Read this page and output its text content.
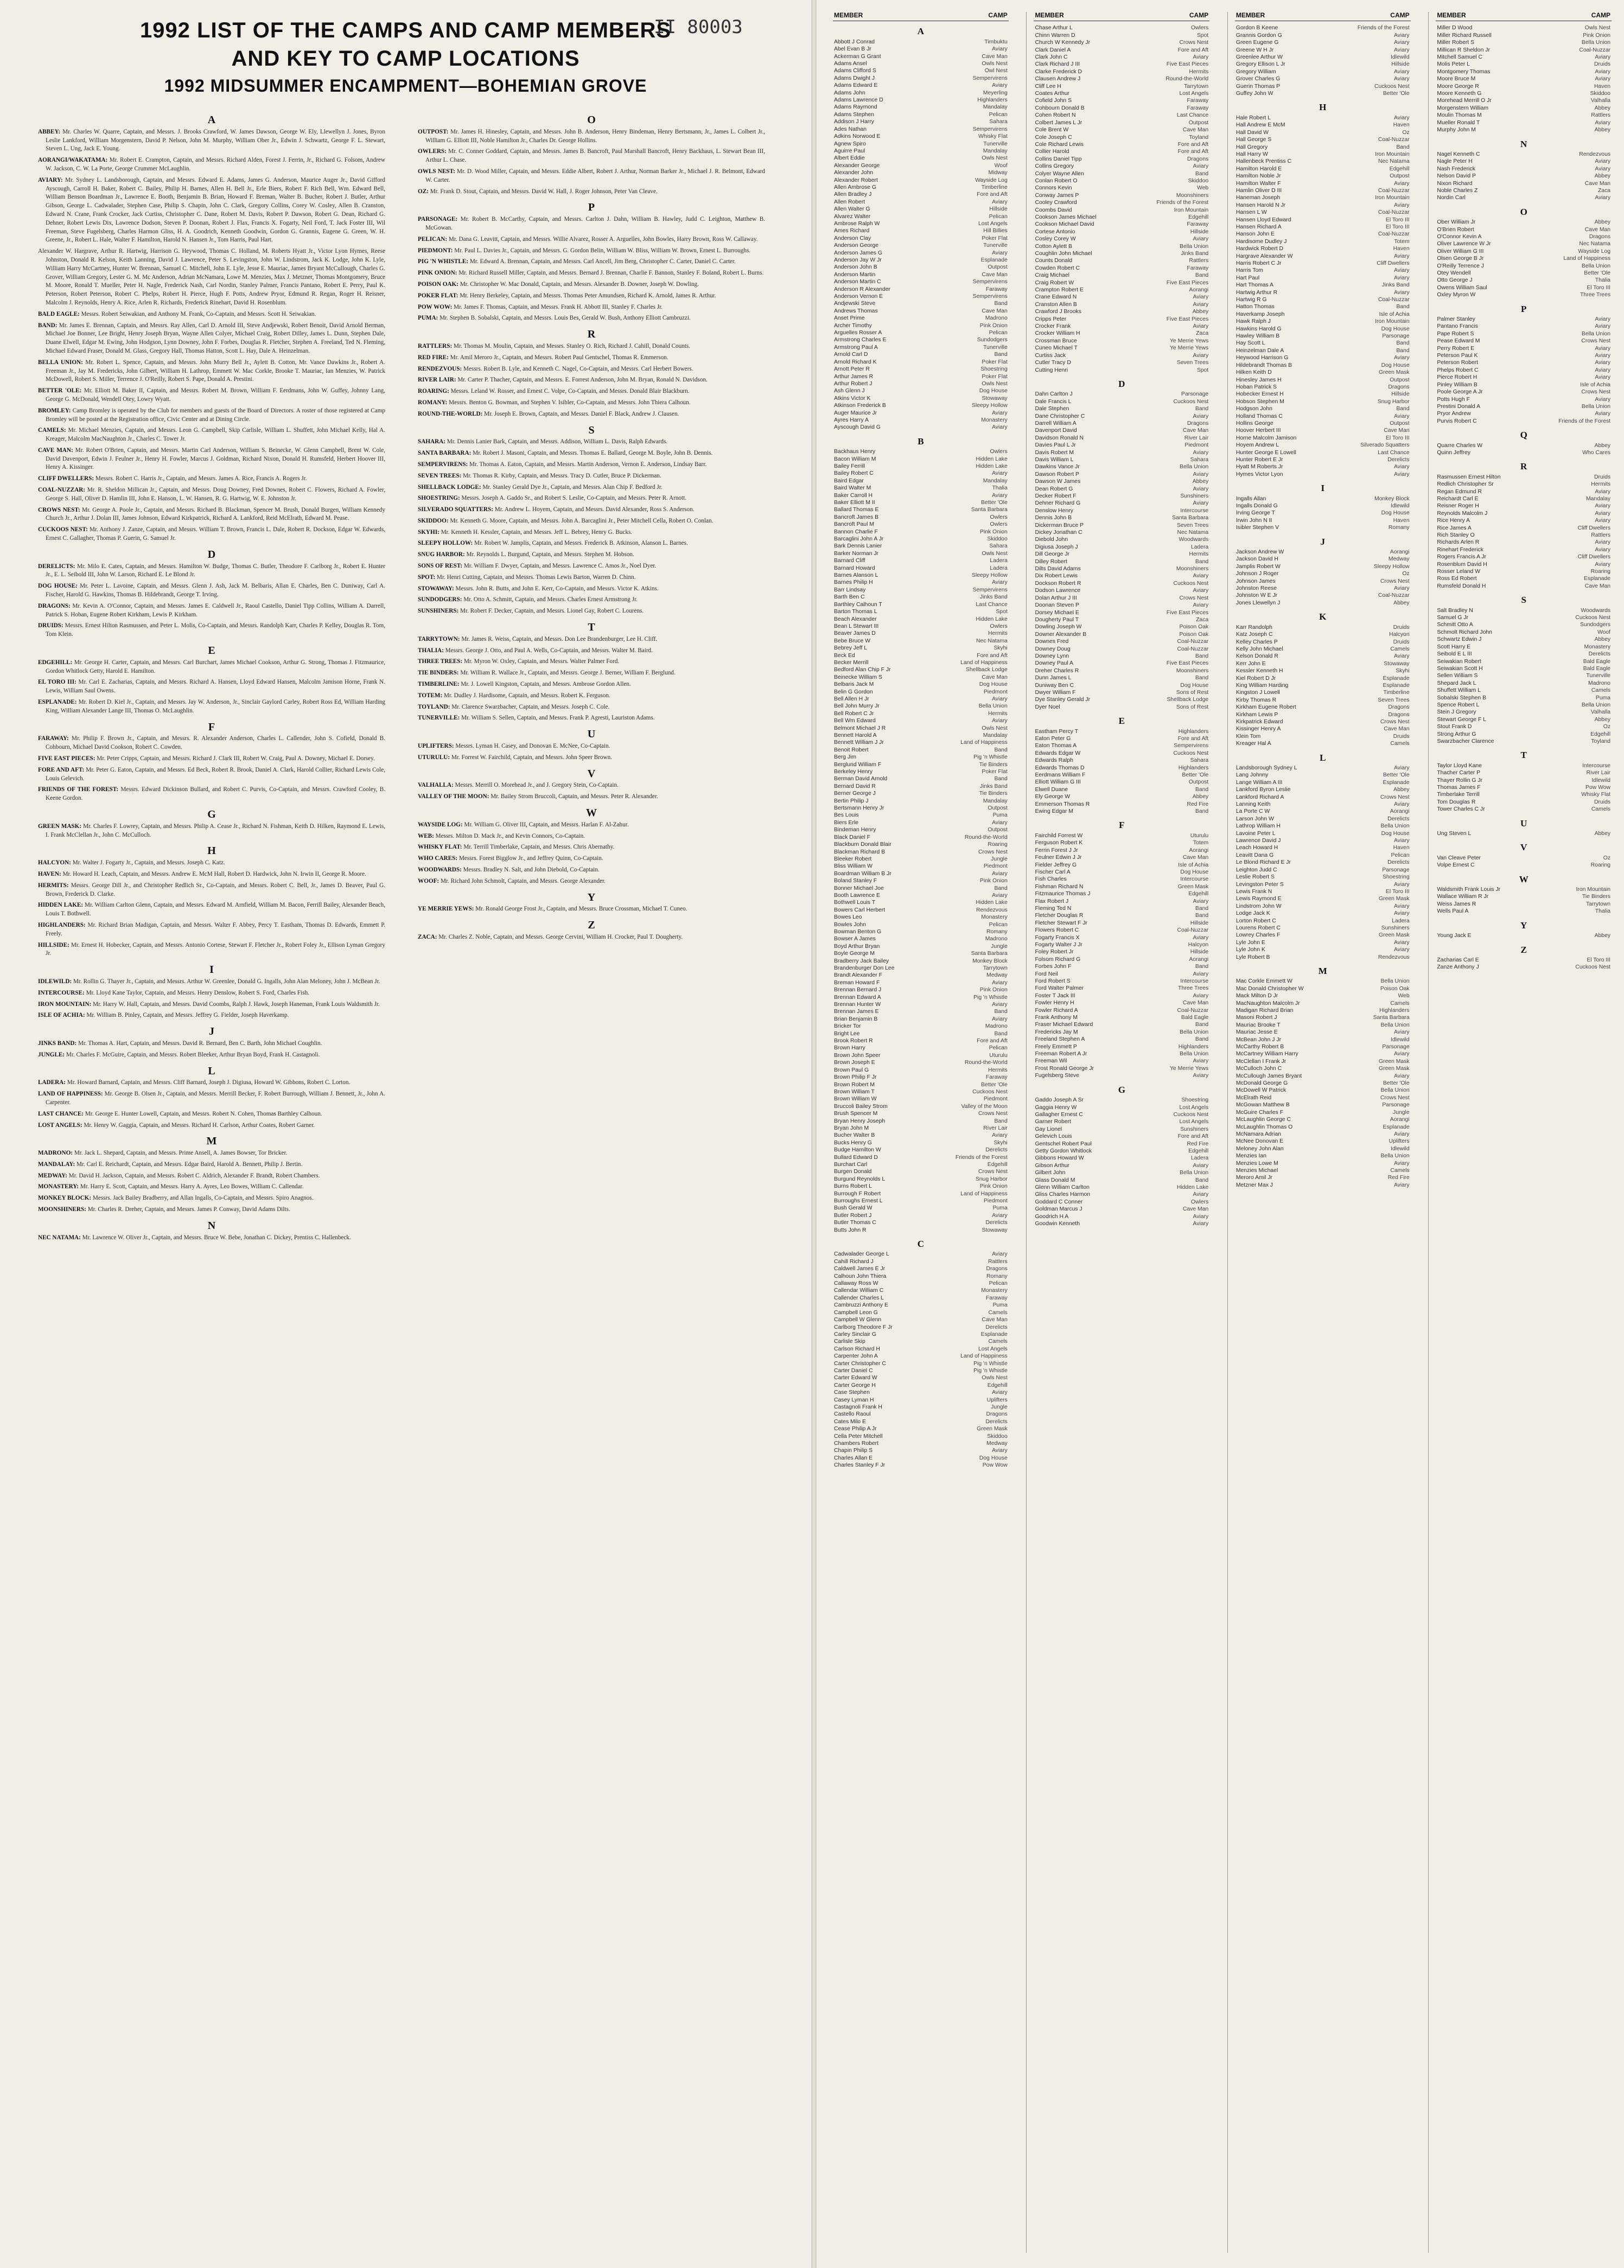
II 80003
1992 LIST OF THE CAMPS AND CAMP MEMBERS
AND KEY TO CAMP LOCATIONS
1992 MIDSUMMER ENCAMPMENT—BOHEMIAN GROVE
A
ABBEY: Mr. Charles W. Quarre, Captain, and Messrs. J. Brooks Crawford, W. James Dawson, George W. Ely, Llewellyn J. Jones, Byron Leslie Lankford, William Morgenstern, David P. Nelson, John M. Murphy, William Ober Jr., Edwin J. Schwartz, George F. L. Stewart, Steven L. Ung, Jack E. Young.
AORANGI/WAKATAMA: Mr. Robert E. Crampton, Captain, and Messrs. Richard Alden, Forest J. Ferrin, Jr., Richard G. Folsom, Andrew W. Jackson, C. W. La Porte, George Crummer McLaughlin.
AVIARY: Mr. Sydney L. Landsborough, Captain, and Messrs. Edward E. Adams, James G. Anderson, Maurice Auger Jr., David Gifford Ayscough, Carroll H. Baker, Robert C. Bailey, Philip H. Barnes, Allen H. Bell Jr., Erle Biers, Robert F. Rich Bell, Wm. Edward Bell, William Benson Boardman Jr., Lawrence E. Booth, Benjamin B. Brian, Howard F. Breman, Walter B. Bucher, Robert J. Butler, Arthur Gibson, George L. Cadwalader, Stephen Case, Philip S. Chapin, John C. Clark, Gregory Collins, Corey W. Cosley, Allen B. Cranston, Edward N. Crane, Frank Crocker, Jack Curtiss, Christopher C. Dane, Robert M. Davis, Robert P. Dawson, Robert G. Dean, Richard G. Dehner, Robert Lewis Dix, Lawrence Dodson, Steven P. Doonan, Robert J. Flax, Francis X. Fogarty, Neil Ford, T. Jack Foster III, Wil Freeman, Steve Fugelsberg, Charles Harmon Gliss, H. A. Goodrich, Kenneth Goodwin, Gordon G. Grannis, Eugene G. Green, W. H. Greene, Jr., Robert L. Hale, Walter F. Hamilton, Harold N. Hansen Jr., Tom Harris, Paul Hart.
Alexander W. Hargrave, Arthur R. Hartwig, Harrison G. Heywood, Thomas C. Holland, M. Roberts Hyatt Jr., Victor Lyon Hymes, Reese Johnston, Donald R. Kelson, Keith Lanning, David J. Lawrence, Peter S. Levingston, John W. Lindstrom, Jack K. Lodge, John K. Lyle, William Harry McCartney, Hunter W. Brennan, Samuel C. Mitchell, John E. Lyle, Jesse E. Mauriac, James Bryant McCullough, Charles G. Grover, William Gregory, Lester G. M. Mc Anderson, Adrian McNamara, Lowe M. Menzies, Max J. Metzner, Thomas Montgomery, Bruce M. Moore, Ronald T. Mueller, Peter H. Nagle, Frederick Nash, Carl Nordin, Stanley Palmer, Francis Pantano, Robert E. Perry, Paul K. Peterson, Robert Peterson, Robert C. Phelps, Robert H. Pierce, Hugh F. Potts, Andrew Pryor, Edmund R. Regan, Roger H. Reisner, Malcolm J. Reynolds, Henry A. Rice, Arlen R. Richards, Frederick Rinehart, David H. Rosenblum.
BALD EAGLE: Messrs. Robert Seiwakian, and Anthony M. Frank, Co-Captain, and Messrs. Scott H. Seiwakian.
BAND: Mr. James E. Brennan, Captain, and Messrs. Ray Allen, Carl D. Arnold III, Steve Andjewski, Robert Benoit, David Arnold Berman, Michael Joe Bonner, Lee Bright, Henry Joseph Bryan, Wayne Allen Colyer, Michael Craig, Robert Dilley, James L. Dunn, Stephen Dale, Duane Elwell, Edgar M. Ewing, John Hodgson, Lynn Downey, John F. Forbes, Douglas R. Fletcher, Stephen A. Freeland, Ted N. Fleming, Michael Edward Fraser, Donald M. Glass, Gregory Hall, Thomas Hatton, Scott L. Hay, Dale A. Heinzelman.
BELLA UNION: Mr. Robert L. Spence, Captain, and Messrs. John Murry Bell Jr., Aylett B. Cotton, Mr. Vance Dawkins Jr., Robert A. Freeman Jr., Jay M. Fredericks, John Gilbert, William H. Lathrop, Emmett W. Mac Corkle, Brooke T. Mauriac, Ian Menzies, W. Patrick McDowell, Robert S. Miller, Terrence J. O'Reilly, Robert S. Pape, Donald A. Prestini.
BETTER 'OLE: Mr. Elliott M. Baker II, Captain, and Messrs. Robert M. Brown, William F. Eerdmans, John W. Guffey, Johnny Lang, George G. McDonald, Wendell Otey, Lowry Wyatt.
BROMLEY: Camp Bromley is operated by the Club for members and guests of the Board of Directors. A roster of those registered at Camp Bromley will be posted at the Registration office, Civic Center and at Dining Circle.
CAMELS: Mr. Michael Menzies, Captain, and Messrs. Leon G. Campbell, Skip Carlisle, William L. Shuffett, John Michael Kelly, Hal A. Kreager, Malcolm MacNaughton Jr., Charles C. Tower Jr.
CAVE MAN: Mr. Robert O'Brien, Captain, and Messrs. Martin Carl Anderson, William S. Beinecke, W. Glenn Campbell, Brent W. Cole, David Davenport, Edwin J. Feulner Jr., Henry H. Fowler, Marcus J. Goldman, Richard Nixon, Donald H. Rumsfeld, Herbert Hoover III, Henry A. Kissinger.
CLIFF DWELLERS: Messrs. Robert C. Harris Jr., Captain, and Messrs. James A. Rice, Francis A. Rogers Jr.
COAL-NUZZAR: Mr. R. Sheldon Millican Jr., Captain, and Messrs. Doug Downey, Fred Downes, Robert C. Flowers, Richard A. Fowler, George S. Hall, Oliver D. Hamlin III, John E. Hanson, L. W. Hansen, R. G. Hartwig, W. E. Johnston Jr.
CROWS NEST: Mr. George A. Poole Jr., Captain, and Messrs. Richard B. Blackman, Spencer M. Brush, Donald Burgen, William Kennedy Church Jr., Arthur J. Dolan III, James Johnson, Edward Kirkpatrick, Richard A. Lankford, Reid McElrath, Edward M. Pease.
CUCKOOS NEST: Mr. Anthony J. Zanze, Captain, and Messrs. William T. Brown, Francis L. Dale, Robert R. Dockson, Edgar W. Edwards, Ernest C. Gallagher, Thomas P. Guerin, G. Samuel Jr.
D
DERELICTS: Mr. Milo E. Cates, Captain, and Messrs. Hamilton W. Budge, Thomas C. Butler, Theodore F. Carlborg Jr., Robert E. Hunter Jr., E. L. Seibold III, John W. Larson, Richard E. Le Blond Jr.
DOG HOUSE: Mr. Peter L. Lavoine, Captain, and Messrs. Glenn J. Ash, Jack M. Belbaris, Allan E. Charles, Ben C. Duniway, Carl A. Fischer, Harold G. Hawkins, Thomas B. Hildebrandt, George T. Irving.
DRAGONS: Mr. Kevin A. O'Connor, Captain, and Messrs. James E. Caldwell Jr., Raoul Castello, Daniel Tipp Collins, William A. Darrell, Patrick S. Hoban, Eugene Robert Kirkham, Lewis P. Kirkham.
DRUIDS: Messrs. Ernest Hilton Rasmussen, and Peter L. Molis, Co-Captain, and Messrs. Randolph Karr, Charles P. Kelley, Douglas R. Tom, Tom Klein.
E
EDGEHILL: Mr. George H. Carter, Captain, and Messrs. Carl Burchart, James Michael Cookson, Arthur G. Strong, Thomas J. Fitzmaurice, Gordon Whitlock Getty, Harold E. Hamilton.
EL TORO III: Mr. Carl E. Zacharias, Captain, and Messrs. Richard A. Hansen, Lloyd Edward Hansen, Malcolm Jamison Horne, Frank N. Lewis, William Saul Owens.
ESPLANADE: Mr. Robert D. Kiel Jr., Captain, and Messrs. Jay W. Anderson, Jr., Sinclair Gaylord Carley, Robert Ross Ed, William Harding King, William Alexander Lange III, Thomas O. McLaughlin.
F
FARAWAY: Mr. Philip F. Brown Jr., Captain, and Messrs. R. Alexander Anderson, Charles L. Callender, John S. Cofield, Donald B. Cohbourn, Michael David Cookson, Robert C. Cowden.
FIVE EAST PIECES: Mr. Peter Cripps, Captain, and Messrs. Richard J. Clark III, Robert W. Craig, Paul A. Downey, Michael E. Dorsey.
FORE AND AFT: Mr. Peter G. Eaton, Captain, and Messrs. Ed Beck, Robert R. Brook, Daniel A. Clark, Harold Collier, Richard Lewis Cole, Louis Gelevich.
FRIENDS OF THE FOREST: Messrs. Edward Dickinson Bullard, and Robert C. Purvis, Co-Captain, and Messrs. Crawford Cooley, B. Keene Gordon.
G
GREEN MASK: Mr. Charles F. Lowrey, Captain, and Messrs. Philip A. Cease Jr., Richard N. Fishman, Keith D. Hilken, Raymond E. Lewis, I. Frank McClellan Jr., John C. McCulloch.
H
HALCYON: Mr. Walter J. Fogarty Jr., Captain, and Messrs. Joseph C. Katz.
HAVEN: Mr. Howard H. Leach, Captain, and Messrs. Andrew E. McM Hall, Robert D. Hardwick, John N. Irwin II, George R. Moore.
HERMITS: Messrs. George Dill Jr., and Christopher Redlich Sr., Co-Captain, and Messrs. Robert C. Bell, Jr., James D. Beaver, Paul G. Brown, Frederick D. Clarke.
HIDDEN LAKE: Mr. William Carlton Glenn, Captain, and Messrs. Edward M. Arnfield, William M. Bacon, Ferrill Bailey, Alexander Beach, Louis T. Bothwell.
HIGHLANDERS: Mr. Richard Brian Madigan, Captain, and Messrs. Walter F. Abbey, Percy T. Eastham, Thomas D. Edwards, Emmett P. Freely.
HILLSIDE: Mr. Ernest H. Hobecker, Captain, and Messrs. Antonio Cortese, Stewart F. Fletcher Jr., Robert Foley Jr., Ellison Lyman Gregory Jr.
I
IDLEWILD: Mr. Rollin G. Thayer Jr., Captain, and Messrs. Arthur W. Greenlee, Donald G. Ingalls, John Alan Meloney, John J. McBean Jr.
INTERCOURSE: Mr. Lloyd Kane Taylor, Captain, and Messrs. Henry Denslow, Robert S. Ford, Charles Fish.
IRON MOUNTAIN: Mr. Harry W. Hall, Captain, and Messrs. David Coombs, Ralph J. Hawk, Joseph Haneman, Frank Louis Waldsmith Jr.
ISLE OF ACHIA: Mr. William B. Pinley, Captain, and Messrs. Jeffrey G. Fielder, Joseph Haverkamp.
J
JINKS BAND: Mr. Thomas A. Hart, Captain, and Messrs. David R. Bernard, Ben C. Barth, John Michael Coughlin.
JUNGLE: Mr. Charles F. McGuire, Captain, and Messrs. Robert Bleeker, Arthur Bryan Boyd, Frank H. Castagnoli.
L
LADERA: Mr. Howard Barnard, Captain, and Messrs. Cliff Barnard, Joseph J. Digiusa, Howard W. Gibbons, Robert C. Lorton.
LAND OF HAPPINESS: Mr. George B. Olsen Jr., Captain, and Messrs. Merrill Becker, F. Robert Burrough, William J. Bennett, Jr., John A. Carpenter.
LAST CHANCE: Mr. George E. Hunter Lowell, Captain, and Messrs. Robert N. Cohen, Thomas Barthley Calhoun.
LOST ANGELS: Mr. Henry W. Gaggia, Captain, and Messrs. Richard H. Carlson, Arthur Coates, Robert Garner.
M
MADRONO: Mr. Jack L. Shepard, Captain, and Messrs. Prime Ansell, A. James Bowser, Tor Bricker.
MANDALAY: Mr. Carl E. Reichardt, Captain, and Messrs. Edgar Baird, Harold A. Bennett, Philip J. Bertin.
MEDWAY: Mr. David H. Jackson, Captain, and Messrs. Robert C. Aldrich, Alexander F. Brandt, Robert Chambers.
MONASTERY: Mr. Harry E. Scott, Captain, and Messrs. Harry A. Ayres, Leo Bowes, William C. Callendar.
MONKEY BLOCK: Messrs. Jack Bailey Bradberry, and Allan Ingalls, Co-Captain, and Messrs. Spiro Anagnos.
MOONSHINERS: Mr. Charles R. Dreher, Captain, and Messrs. James P. Conway, David Adams Dilts.
N
NEC NATAMA: Mr. Lawrence W. Oliver Jr., Captain, and Messrs. Bruce W. Bebe, Jonathan C. Dickey, Prentiss C. Hallenbeck.
O
OUTPOST: Mr. James H. Hinesley, Captain, and Messrs. John B. Anderson, Henry Bindeman, Henry Bertsmann, Jr., James L. Colbert Jr., William G. Elliott III, Noble Hamilton Jr., Charles Dr. George Hollins.
OWLERS: Mr. C. Conner Goddard, Captain, and Messrs. James B. Bancroft, Paul Marshall Bancroft, Henry Backhaus, L. Stewart Bean III, Arthur L. Chase.
OWLS NEST: Mr. D. Wood Miller, Captain, and Messrs. Eddie Albert, Robert J. Arthur, Norman Barker Jr., Michael J. R. Belmont, Edward W. Carter.
OZ: Mr. Frank D. Stout, Captain, and Messrs. David W. Hall, J. Roger Johnson, Peter Van Cleave.
P
PARSONAGE: Mr. Robert B. McCarthy, Captain, and Messrs. Carlton J. Dahn, William B. Hawley, Judd C. Leighton, Matthew B. McGowan.
PELICAN: Mr. Dana G. Leavitt, Captain, and Messrs. Willie Alvarez, Rosser A. Arguelles, John Bowles, Harry Brown, Ross W. Callaway.
PIEDMONT: Mr. Paul L. Davies Jr., Captain, and Messrs. G. Gordon Belin, William W. Bliss, William W. Brown, Ernest L. Burroughs.
PIG 'N WHISTLE: Mr. Edward A. Brennan, Captain, and Messrs. Carl Ancell, Jim Berg, Christopher C. Carter, Daniel C. Carter.
PINK ONION: Mr. Richard Russell Miller, Captain, and Messrs. Bernard J. Brennan, Charlie F. Bannon, Stanley F. Boland, Robert L. Burns.
POISON OAK: Mr. Christopher W. Mac Donald, Captain, and Messrs. Alexander B. Downer, Joseph W. Dowling.
POKER FLAT: Mr. Henry Berkeley, Captain, and Messrs. Thomas Peter Amundsen, Richard K. Arnold, James R. Arthur.
POW WOW: Mr. James F. Thomas, Captain, and Messrs. Frank H. Abbott III, Stanley F. Charles Jr.
PUMA: Mr. Stephen B. Sobalski, Captain, and Messrs. Louis Bes, Gerald W. Bush, Anthony Elliott Cambruzzi.
R
RATTLERS: Mr. Thomas M. Moulin, Captain, and Messrs. Stanley O. Rich, Richard J. Cahill, Donald Counts.
RED FIRE: Mr. Amil Meroro Jr., Captain, and Messrs. Robert Paul Gentschel, Thomas R. Emmerson.
RENDEZVOUS: Messrs. Robert B. Lyle, and Kenneth C. Nagel, Co-Captain, and Messrs. Carl Herbert Bowers.
RIVER LAIR: Mr. Carter P. Thacher, Captain, and Messrs. E. Forrest Anderson, John M. Bryan, Ronald N. Davidson.
ROARING: Messrs. Leland W. Rosser, and Ernest C. Volpe, Co-Captain, and Messrs. Donald Blair Blackburn.
ROMANY: Messrs. Benton G. Bowman, and Stephen V. Isibler, Co-Captain, and Messrs. John Thiera Calhoun.
ROUND-THE-WORLD: Mr. Joseph E. Brown, Captain, and Messrs. Daniel F. Black, Andrew J. Clausen.
S
SAHARA: Mr. Dennis Lanier Bark, Captain, and Messrs. Addison, William L. Davis, Ralph Edwards.
SANTA BARBARA: Mr. Robert J. Masoni, Captain, and Messrs. Thomas E. Ballard, George M. Boyle, John B. Dennis.
SEMPERVIRENS: Mr. Thomas A. Eaton, Captain, and Messrs. Martin Anderson, Vernon E. Anderson, Lindsay Barr.
SEVEN TREES: Mr. Thomas R. Kirby, Captain, and Messrs. Tracy D. Cutler, Bruce P. Dickerman.
SHELLBACK LODGE: Mr. Stanley Gerald Dye Jr., Captain, and Messrs. Alan Chip F. Bedford Jr.
SHOESTRING: Messrs. Joseph A. Gaddo Sr., and Robert S. Leslie, Co-Captain, and Messrs. Peter R. Arnott.
SILVERADO SQUATTERS: Mr. Andrew L. Hoyem, Captain, and Messrs. David Alexander, Ross S. Anderson.
SKIDDOO: Mr. Kenneth G. Moore, Captain, and Messrs. John A. Barcaglini Jr., Peter Mitchell Cella, Robert O. Conlan.
SKYHI: Mr. Kenneth H. Kessler, Captain, and Messrs. Jeff L. Bebrey, Henry G. Bucks.
SLEEPY HOLLOW: Mr. Robert W. Jamplis, Captain, and Messrs. Frederick B. Atkinson, Alanson L. Barnes.
SNUG HARBOR: Mr. Reynolds L. Burgund, Captain, and Messrs. Stephen M. Hobson.
SONS OF REST: Mr. William F. Dwyer, Captain, and Messrs. Lawrence C. Amos Jr., Noel Dyer.
SPOT: Mr. Henri Cutting, Captain, and Messrs. Thomas Lewis Barton, Warren D. Chinn.
STOWAWAY: Messrs. John R. Butts, and John E. Kerr, Co-Captain, and Messrs. Victor K. Atkins.
SUNDODGERS: Mr. Otto A. Schmitt, Captain, and Messrs. Charles Ernest Armstrong Jr.
SUNSHINERS: Mr. Robert F. Decker, Captain, and Messrs. Lionel Gay, Robert C. Lourens.
T
TARRYTOWN: Mr. James R. Weiss, Captain, and Messrs. Don Lee Brandenburger, Lee H. Cliff.
THALIA: Messrs. George J. Otto, and Paul A. Wells, Co-Captain, and Messrs. Walter M. Baird.
THREE TREES: Mr. Myron W. Oxley, Captain, and Messrs. Walter Palmer Ford.
TIE BINDERS: Mr. William R. Wallace Jr., Captain, and Messrs. George J. Berner, William F. Berglund.
TIMBERLINE: Mr. J. Lowell Kingston, Captain, and Messrs. Ambrose Gordon Allen.
TOTEM: Mr. Dudley J. Hardisome, Captain, and Messrs. Robert K. Ferguson.
TOYLAND: Mr. Clarence Swarzbacher, Captain, and Messrs. Joseph C. Cole.
TUNERVILLE: Mr. William S. Sellen, Captain, and Messrs. Frank P. Agresti, Lauriston Adams.
U
UPLIFTERS: Messrs. Lyman H. Casey, and Donovan E. McNee, Co-Captain.
UTURULU: Mr. Forrest W. Fairchild, Captain, and Messrs. John Speer Brown.
V
VALHALLA: Messrs. Merrill O. Morehead Jr., and J. Gregory Stein, Co-Captain.
VALLEY OF THE MOON: Mr. Bailey Strom Bruccoli, Captain, and Messrs. Peter R. Alexander.
W
WAYSIDE LOG: Mr. William G. Oliver III, Captain, and Messrs. Harlan F. Al-Zahur.
WEB: Messrs. Milton D. Mack Jr., and Kevin Connors, Co-Captain.
WHISKY FLAT: Mr. Terrill Timberlake, Captain, and Messrs. Chris Abernathy.
WHO CARES: Messrs. Forest Bigglow Jr., and Jeffrey Quinn, Co-Captain.
WOODWARDS: Messrs. Bradley N. Salt, and John Diebold, Co-Captain.
WOOF: Mr. Richard John Schmolt, Captain, and Messrs. George Alexander.
Y
YE MERRIE YEWS: Mr. Ronald George Frost Jr., Captain, and Messrs. Bruce Crossman, Michael T. Cuneo.
Z
ZACA: Mr. Charles Z. Noble, Captain, and Messrs. George Cervini, William H. Crocker, Paul T. Dougherty.
MEMBER	CAMP
A
Abbott J Conrad	Timbuktu
Abel Evan B Jr	Aviary
Ackerman G Grant	Cave Man
Adams Ansel	Owls Nest
Adams Clifford S	Owl Nest
Adams Dwight J	Sempervirens
Adams Edward E	Aviary
Adams John	Meyerling
Adams Lawrence D	Highlanders
Adams Raymond	Mandalay
Adams Stephen	Pelican
Addison J Harry	Sahara
Ades Nathan	Sempervirens
Adkins Norwood E	Whisky Flat
Agnew Spiro	Tunerville
Aguirre Paul	Mandalay
Albert Eddie	Owls Nest
Alexander George	Woof
Alexander John	Midway
Alexander Robert	Wayside Log
Allen Ambrose G	Timberline
Allen Bradley J	Fore and Aft
Allen Robert	Aviary
Allen Walter G	Hillside
Alvarez Walter	Pelican
Ambrose Ralph W	Lost Angels
Ames Richard	Hill Billies
Anderson Clay	Poker Flat
Anderson George	Tunerville
Anderson James G	Aviary
Anderson Jay W Jr	Esplanade
Anderson John B	Outpost
Anderson Martin	Cave Man
Anderson Martin C	Sempervirens
Anderson R Alexander	Faraway
Anderson Vernon E	Sempervirens
Andjewski Steve	Band
Andrews Thomas	Cave Man
Anset Prime	Madrono
Archer Timothy	Pink Onion
Arguelles Rosser A	Pelican
Armstrong Charles E	Sundodgers
Armstrong Paul A	Tunerville
Arnold Carl D	Band
Arnold Richard K	Poker Flat
Arnott Peter R	Shoestring
Arthur James R	Poker Flat
Arthur Robert J	Owls Nest
Ash Glenn J	Dog House
Atkins Victor K	Stowaway
Atkinson Frederick B	Sleepy Hollow
Auger Maurice Jr	Aviary
Ayres Harry A	Monastery
Ayscough David G	Aviary
B
Backhaus Henry	Owlers
Bacon William M	Hidden Lake
Bailey Ferrill	Hidden Lake
Bailey Robert C	Aviary
Baird Edgar	Mandalay
Baird Walter M	Thalia
Baker Carroll H	Aviary
Baker Elliott M II	Better 'Ole
Ballard Thomas E	Santa Barbara
Bancroft James B	Owlers
Bancroft Paul M	Owlers
Bannon Charlie F	Pink Onion
Barcaglini John A Jr	Skiddoo
Bark Dennis Lanier	Sahara
Barker Norman Jr	Owls Nest
Barnard Cliff	Ladera
Barnard Howard	Ladera
Barnes Alanson L	Sleepy Hollow
Barnes Philip H	Aviary
Barr Lindsay	Sempervirens
Barth Ben C	Jinks Band
Barthley Calhoun T	Last Chance
Barton Thomas L	Spot
Beach Alexander	Hidden Lake
Bean L Stewart III	Owlers
Beaver James D	Hermits
Bebe Bruce W	Nec Natama
Bebrey Jeff L	Skyhi
Beck Ed	Fore and Aft
Becker Merrill	Land of Happiness
Bedford Alan Chip F Jr	Shellback Lodge
Beinecke William S	Cave Man
Belbaris Jack M	Dog House
Belin G Gordon	Piedmont
Bell Allen H Jr	Aviary
Bell John Murry Jr	Bella Union
Bell Robert C Jr	Hermits
Bell Wm Edward	Aviary
Belmont Michael J R	Owls Nest
Bennett Harold A	Mandalay
Bennett William J Jr	Land of Happiness
Benoit Robert	Band
Berg Jim	Pig 'n Whistle
Berglund William F	Tie Binders
Berkeley Henry	Poker Flat
Berman David Arnold	Band
Bernard David R	Jinks Band
Berner George J	Tie Binders
Bertin Philip J	Mandalay
Bertsmann Henry Jr	Outpost
Bes Louis	Puma
Biers Erle	Aviary
Bindeman Henry	Outpost
Black Daniel F	Round-the-World
Blackburn Donald Blair	Roaring
Blackman Richard B	Crows Nest
Bleeker Robert	Jungle
Bliss William W	Piedmont
Boardman William B Jr	Aviary
Boland Stanley F	Pink Onion
Bonner Michael Joe	Band
Booth Lawrence E	Aviary
Bothwell Louis T	Hidden Lake
Bowers Carl Herbert	Rendezvous
Bowes Leo	Monastery
Bowles John	Pelican
Bowman Benton G	Romany
Bowser A James	Madrono
Boyd Arthur Bryan	Jungle
Boyle George M	Santa Barbara
Bradberry Jack Bailey	Monkey Block
Brandenburger Don Lee	Tarrytown
Brandt Alexander F	Medway
Breman Howard F	Aviary
Brennan Bernard J	Pink Onion
Brennan Edward A	Pig 'n Whistle
Brennan Hunter W	Aviary
Brennan James E	Band
Brian Benjamin B	Aviary
Bricker Tor	Madrono
Bright Lee	Band
Brook Robert R	Fore and Aft
Brown Harry	Pelican
Brown John Speer	Uturulu
Brown Joseph E	Round-the-World
Brown Paul G	Hermits
Brown Philip F Jr	Faraway
Brown Robert M	Better 'Ole
Brown William T	Cuckoos Nest
Brown William W	Piedmont
Bruccoli Bailey Strom	Valley of the Moon
Brush Spencer M	Crows Nest
Bryan Henry Joseph	Band
Bryan John M	River Lair
Bucher Walter B	Aviary
Bucks Henry G	Skyhi
Budge Hamilton W	Derelicts
Bullard Edward D	Friends of the Forest
Burchart Carl	Edgehill
Burgen Donald	Crows Nest
Burgund Reynolds L	Snug Harbor
Burns Robert L	Pink Onion
Burrough F Robert	Land of Happiness
Burroughs Ernest L	Piedmont
Bush Gerald W	Puma
Butler Robert J	Aviary
Butler Thomas C	Derelicts
Butts John R	Stowaway
C
Cadwalader George L	Aviary
Cahill Richard J	Rattlers
Caldwell James E Jr	Dragons
Calhoun John Thiera	Romany
Callaway Ross W	Pelican
Callendar William C	Monastery
Callender Charles L	Faraway
Cambruzzi Anthony E	Puma
Campbell Leon G	Camels
Campbell W Glenn	Cave Man
Carlborg Theodore F Jr	Derelicts
Carley Sinclair G	Esplanade
Carlisle Skip	Camels
Carlson Richard H	Lost Angels
Carpenter John A	Land of Happiness
Carter Christopher C	Pig 'n Whistle
Carter Daniel C	Pig 'n Whistle
Carter Edward W	Owls Nest
Carter George H	Edgehill
Case Stephen	Aviary
Casey Lyman H	Uplifters
Castagnoli Frank H	Jungle
Castello Raoul	Dragons
Cates Milo E	Derelicts
Cease Philip A Jr	Green Mask
Cella Peter Mitchell	Skiddoo
Chambers Robert	Medway
Chapin Philip S	Aviary
Charles Allan E	Dog House
Charles Stanley F Jr	Pow Wow
MEMBER	CAMP
Chase Arthur L	Owlers
Chinn Warren D	Spot
Church W Kennedy Jr	Crows Nest
Clark Daniel A	Fore and Aft
Clark John C	Aviary
Clark Richard J III	Five East Pieces
Clarke Frederick D	Hermits
Clausen Andrew J	Round-the-World
Cliff Lee H	Tarrytown
Coates Arthur	Lost Angels
Cofield John S	Faraway
Cohbourn Donald B	Faraway
Cohen Robert N	Last Chance
Colbert James L Jr	Outpost
Cole Brent W	Cave Man
Cole Joseph C	Toyland
Cole Richard Lewis	Fore and Aft
Collier Harold	Fore and Aft
Collins Daniel Tipp	Dragons
Collins Gregory	Aviary
Colyer Wayne Allen	Band
Conlan Robert O	Skiddoo
Connors Kevin	Web
Conway James P	Moonshiners
Cooley Crawford	Friends of the Forest
Coombs David	Iron Mountain
Cookson James Michael	Edgehill
Cookson Michael David	Faraway
Cortese Antonio	Hillside
Cosley Corey W	Aviary
Cotton Aylett B	Bella Union
Coughlin John Michael	Jinks Band
Counts Donald	Rattlers
Cowden Robert C	Faraway
Craig Michael	Band
Craig Robert W	Five East Pieces
Crampton Robert E	Aorangi
Crane Edward N	Aviary
Cranston Allen B	Aviary
Crawford J Brooks	Abbey
Cripps Peter	Five East Pieces
Crocker Frank	Aviary
Crocker William H	Zaca
Crossman Bruce	Ye Merrie Yews
Cuneo Michael T	Ye Merrie Yews
Curtiss Jack	Aviary
Cutler Tracy D	Seven Trees
Cutting Henri	Spot
D
Dahn Carlton J	Parsonage
Dale Francis L	Cuckoos Nest
Dale Stephen	Band
Dane Christopher C	Aviary
Darrell William A	Dragons
Davenport David	Cave Man
Davidson Ronald N	River Lair
Davies Paul L Jr	Piedmont
Davis Robert M	Aviary
Davis William L	Sahara
Dawkins Vance Jr	Bella Union
Dawson Robert P	Aviary
Dawson W James	Abbey
Dean Robert G	Aviary
Decker Robert F	Sunshiners
Dehner Richard G	Aviary
Denslow Henry	Intercourse
Dennis John B	Santa Barbara
Dickerman Bruce P	Seven Trees
Dickey Jonathan C	Nec Natama
Diebold John	Woodwards
Digiusa Joseph J	Ladera
Dill George Jr	Hermits
Dilley Robert	Band
Dilts David Adams	Moonshiners
Dix Robert Lewis	Aviary
Dockson Robert R	Cuckoos Nest
Dodson Lawrence	Aviary
Dolan Arthur J III	Crows Nest
Doonan Steven P	Aviary
Dorsey Michael E	Five East Pieces
Dougherty Paul T	Zaca
Dowling Joseph W	Poison Oak
Downer Alexander B	Poison Oak
Downes Fred	Coal-Nuzzar
Downey Doug	Coal-Nuzzar
Downey Lynn	Band
Downey Paul A	Five East Pieces
Dreher Charles R	Moonshiners
Dunn James L	Band
Duniway Ben C	Dog House
Dwyer William F	Sons of Rest
Dye Stanley Gerald Jr	Shellback Lodge
Dyer Noel	Sons of Rest
E
Eastham Percy T	Highlanders
Eaton Peter G	Fore and Aft
Eaton Thomas A	Sempervirens
Edwards Edgar W	Cuckoos Nest
Edwards Ralph	Sahara
Edwards Thomas D	Highlanders
Eerdmans William F	Better 'Ole
Elliott William G III	Outpost
Elwell Duane	Band
Ely George W	Abbey
Emmerson Thomas R	Red Fire
Ewing Edgar M	Band
F
Fairchild Forrest W	Uturulu
Ferguson Robert K	Totem
Ferrin Forest J Jr	Aorangi
Feulner Edwin J Jr	Cave Man
Fielder Jeffrey G	Isle of Achia
Fischer Carl A	Dog House
Fish Charles	Intercourse
Fishman Richard N	Green Mask
Fitzmaurice Thomas J	Edgehill
Flax Robert J	Aviary
Fleming Ted N	Band
Fletcher Douglas R	Band
Fletcher Stewart F Jr	Hillside
Flowers Robert C	Coal-Nuzzar
Fogarty Francis X	Aviary
Fogarty Walter J Jr	Halcyon
Foley Robert Jr	Hillside
Folsom Richard G	Aorangi
Forbes John F	Band
Ford Neil	Aviary
Ford Robert S	Intercourse
Ford Walter Palmer	Three Trees
Foster T Jack III	Aviary
Fowler Henry H	Cave Man
Fowler Richard A	Coal-Nuzzar
Frank Anthony M	Bald Eagle
Fraser Michael Edward	Band
Fredericks Jay M	Bella Union
Freeland Stephen A	Band
Freely Emmett P	Highlanders
Freeman Robert A Jr	Bella Union
Freeman Wil	Aviary
Frost Ronald George Jr	Ye Merrie Yews
Fugelsberg Steve	Aviary
G
Gaddo Joseph A Sr	Shoestring
Gaggia Henry W	Lost Angels
Gallagher Ernest C	Cuckoos Nest
Garner Robert	Lost Angels
Gay Lionel	Sunshiners
Gelevich Louis	Fore and Aft
Gentschel Robert Paul	Red Fire
Getty Gordon Whitlock	Edgehill
Gibbons Howard W	Ladera
Gibson Arthur	Aviary
Gilbert John	Bella Union
Glass Donald M	Band
Glenn William Carlton	Hidden Lake
Gliss Charles Harmon	Aviary
Goddard C Conner	Owlers
Goldman Marcus J	Cave Man
Goodrich H A	Aviary
Goodwin Kenneth	Aviary
MEMBER	CAMP
Gordon B Keene	Friends of the Forest
Grannis Gordon G	Aviary
Green Eugene G	Aviary
Greene W H Jr	Aviary
Greenlee Arthur W	Idlewild
Gregory Ellison L Jr	Hillside
Gregory William	Aviary
Grover Charles G	Aviary
Guerin Thomas P	Cuckoos Nest
Guffey John W	Better 'Ole
H
Hale Robert L	Aviary
Hall Andrew E McM	Haven
Hall David W	Oz
Hall George S	Coal-Nuzzar
Hall Gregory	Band
Hall Harry W	Iron Mountain
Hallenbeck Prentiss C	Nec Natama
Hamilton Harold E	Edgehill
Hamilton Noble Jr	Outpost
Hamilton Walter F	Aviary
Hamlin Oliver D III	Coal-Nuzzar
Haneman Joseph	Iron Mountain
Hansen Harold N Jr	Aviary
Hansen L W	Coal-Nuzzar
Hansen Lloyd Edward	El Toro III
Hansen Richard A	El Toro III
Hanson John E	Coal-Nuzzar
Hardisome Dudley J	Totem
Hardwick Robert D	Haven
Hargrave Alexander W	Aviary
Harris Robert C Jr	Cliff Dwellers
Harris Tom	Aviary
Hart Paul	Aviary
Hart Thomas A	Jinks Band
Hartwig Arthur R	Aviary
Hartwig R G	Coal-Nuzzar
Hatton Thomas	Band
Haverkamp Joseph	Isle of Achia
Hawk Ralph J	Iron Mountain
Hawkins Harold G	Dog House
Hawley William B	Parsonage
Hay Scott L	Band
Heinzelman Dale A	Band
Heywood Harrison G	Aviary
Hildebrandt Thomas B	Dog House
Hilken Keith D	Green Mask
Hinesley James H	Outpost
Hoban Patrick S	Dragons
Hobecker Ernest H	Hillside
Hobson Stephen M	Snug Harbor
Hodgson John	Band
Holland Thomas C	Aviary
Hollins George	Outpost
Hoover Herbert III	Cave Man
Horne Malcolm Jamison	El Toro III
Hoyem Andrew L	Silverado Squatters
Hunter George E Lowell	Last Chance
Hunter Robert E Jr	Derelicts
Hyatt M Roberts Jr	Aviary
Hymes Victor Lyon	Aviary
I
Ingalls Allan	Monkey Block
Ingalls Donald G	Idlewild
Irving George T	Dog House
Irwin John N II	Haven
Isibler Stephen V	Romany
J
Jackson Andrew W	Aorangi
Jackson David H	Medway
Jamplis Robert W	Sleepy Hollow
Johnson J Roger	Oz
Johnson James	Crows Nest
Johnston Reese	Aviary
Johnston W E Jr	Coal-Nuzzar
Jones Llewellyn J	Abbey
K
Karr Randolph	Druids
Katz Joseph C	Halcyon
Kelley Charles P	Druids
Kelly John Michael	Camels
Kelson Donald R	Aviary
Kerr John E	Stowaway
Kessler Kenneth H	Skyhi
Kiel Robert D Jr	Esplanade
King William Harding	Esplanade
Kingston J Lowell	Timberline
Kirby Thomas R	Seven Trees
Kirkham Eugene Robert	Dragons
Kirkham Lewis P	Dragons
Kirkpatrick Edward	Crows Nest
Kissinger Henry A	Cave Man
Klein Tom	Druids
Kreager Hal A	Camels
L
Landsborough Sydney L	Aviary
Lang Johnny	Better 'Ole
Lange William A III	Esplanade
Lankford Byron Leslie	Abbey
Lankford Richard A	Crows Nest
Lanning Keith	Aviary
La Porte C W	Aorangi
Larson John W	Derelicts
Lathrop William H	Bella Union
Lavoine Peter L	Dog House
Lawrence David J	Aviary
Leach Howard H	Haven
Leavitt Dana G	Pelican
Le Blond Richard E Jr	Derelicts
Leighton Judd C	Parsonage
Leslie Robert S	Shoestring
Levingston Peter S	Aviary
Lewis Frank N	El Toro III
Lewis Raymond E	Green Mask
Lindstrom John W	Aviary
Lodge Jack K	Aviary
Lorton Robert C	Ladera
Lourens Robert C	Sunshiners
Lowrey Charles F	Green Mask
Lyle John E	Aviary
Lyle John K	Aviary
Lyle Robert B	Rendezvous
M
Mac Corkle Emmett W	Bella Union
Mac Donald Christopher W	Poison Oak
Mack Milton D Jr	Web
MacNaughton Malcolm Jr	Camels
Madigan Richard Brian	Highlanders
Masoni Robert J	Santa Barbara
Mauriac Brooke T	Bella Union
Mauriac Jesse E	Aviary
McBean John J Jr	Idlewild
McCarthy Robert B	Parsonage
McCartney William Harry	Aviary
McClellan I Frank Jr	Green Mask
McCulloch John C	Green Mask
McCullough James Bryant	Aviary
McDonald George G	Better 'Ole
McDowell W Patrick	Bella Union
McElrath Reid	Crows Nest
McGowan Matthew B	Parsonage
McGuire Charles F	Jungle
McLaughlin George C	Aorangi
McLaughlin Thomas O	Esplanade
McNamara Adrian	Aviary
McNee Donovan E	Uplifters
Meloney John Alan	Idlewild
Menzies Ian	Bella Union
Menzies Lowe M	Aviary
Menzies Michael	Camels
Meroro Amil Jr	Red Fire
Metzner Max J	Aviary
MEMBER	CAMP
Miller D Wood	Owls Nest
Miller Richard Russell	Pink Onion
Miller Robert S	Bella Union
Millican R Sheldon Jr	Coal-Nuzzar
Mitchell Samuel C	Aviary
Molis Peter L	Druids
Montgomery Thomas	Aviary
Moore Bruce M	Aviary
Moore George R	Haven
Moore Kenneth G	Skiddoo
Morehead Merrill O Jr	Valhalla
Morgenstern William	Abbey
Moulin Thomas M	Rattlers
Mueller Ronald T	Aviary
Murphy John M	Abbey
N
Nagel Kenneth C	Rendezvous
Nagle Peter H	Aviary
Nash Frederick	Aviary
Nelson David P	Abbey
Nixon Richard	Cave Man
Noble Charles Z	Zaca
Nordin Carl	Aviary
O
Ober William Jr	Abbey
O'Brien Robert	Cave Man
O'Connor Kevin A	Dragons
Oliver Lawrence W Jr	Nec Natama
Oliver William G III	Wayside Log
Olsen George B Jr	Land of Happiness
O'Reilly Terrence J	Bella Union
Otey Wendell	Better 'Ole
Otto George J	Thalia
Owens William Saul	El Toro III
Oxley Myron W	Three Trees
P
Palmer Stanley	Aviary
Pantano Francis	Aviary
Pape Robert S	Bella Union
Pease Edward M	Crows Nest
Perry Robert E	Aviary
Peterson Paul K	Aviary
Peterson Robert	Aviary
Phelps Robert C	Aviary
Pierce Robert H	Aviary
Pinley William B	Isle of Achia
Poole George A Jr	Crows Nest
Potts Hugh F	Aviary
Prestini Donald A	Bella Union
Pryor Andrew	Aviary
Purvis Robert C	Friends of the Forest
Q
Quarre Charles W	Abbey
Quinn Jeffrey	Who Cares
R
Rasmussen Ernest Hilton	Druids
Redlich Christopher Sr	Hermits
Regan Edmund R	Aviary
Reichardt Carl E	Mandalay
Reisner Roger H	Aviary
Reynolds Malcolm J	Aviary
Rice Henry A	Aviary
Rice James A	Cliff Dwellers
Rich Stanley O	Rattlers
Richards Arlen R	Aviary
Rinehart Frederick	Aviary
Rogers Francis A Jr	Cliff Dwellers
Rosenblum David H	Aviary
Rosser Leland W	Roaring
Ross Ed Robert	Esplanade
Rumsfeld Donald H	Cave Man
S
Salt Bradley N	Woodwards
Samuel G Jr	Cuckoos Nest
Schmitt Otto A	Sundodgers
Schmolt Richard John	Woof
Schwartz Edwin J	Abbey
Scott Harry E	Monastery
Seibold E L III	Derelicts
Seiwakian Robert	Bald Eagle
Seiwakian Scott H	Bald Eagle
Sellen William S	Tunerville
Shepard Jack L	Madrono
Shuffett William L	Camels
Sobalski Stephen B	Puma
Spence Robert L	Bella Union
Stein J Gregory	Valhalla
Stewart George F L	Abbey
Stout Frank D	Oz
Strong Arthur G	Edgehill
Swarzbacher Clarence	Toyland
T
Taylor Lloyd Kane	Intercourse
Thacher Carter P	River Lair
Thayer Rollin G Jr	Idlewild
Thomas James F	Pow Wow
Timberlake Terrill	Whisky Flat
Tom Douglas R	Druids
Tower Charles C Jr	Camels
U
Ung Steven L	Abbey
V
Van Cleave Peter	Oz
Volpe Ernest C	Roaring
W
Waldsmith Frank Louis Jr	Iron Mountain
Wallace William R Jr	Tie Binders
Weiss James R	Tarrytown
Wells Paul A	Thalia
Y
Young Jack E	Abbey
Z
Zacharias Carl E	El Toro III
Zanze Anthony J	Cuckoos Nest
